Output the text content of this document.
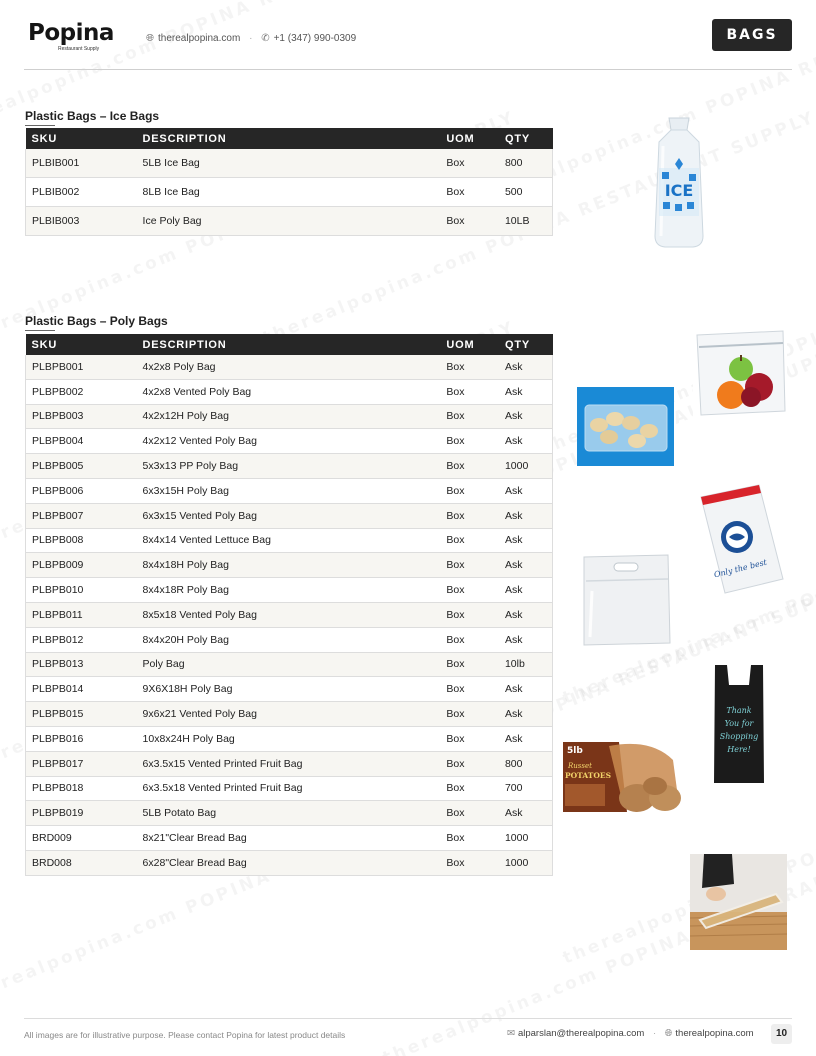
Popina
Restaurant Supply
🌐︎ therealpopina.com · ✆ +1 (347) 990-0309	BAGS
Plastic Bags – Ice Bags
SKU	DESCRIPTION	UOM	QTY
PLBIB001	5LB Ice Bag	Box	800
PLBIB002	8LB Ice Bag	Box	500
PLBIB003	Ice Poly Bag	Box	10LB
Plastic Bags – Poly Bags
SKU	DESCRIPTION	UOM	QTY
PLBPB001	4x2x8 Poly Bag	Box	Ask
PLBPB002	4x2x8 Vented Poly Bag	Box	Ask
PLBPB003	4x2x12H Poly Bag	Box	Ask
PLBPB004	4x2x12 Vented Poly Bag	Box	Ask
PLBPB005	5x3x13 PP Poly Bag	Box	1000
PLBPB006	6x3x15H Poly Bag	Box	Ask
PLBPB007	6x3x15 Vented Poly Bag	Box	Ask
PLBPB008	8x4x14 Vented Lettuce Bag	Box	Ask
PLBPB009	8x4x18H Poly Bag	Box	Ask
PLBPB010	8x4x18R Poly Bag	Box	Ask
PLBPB011	8x5x18 Vented Poly Bag	Box	Ask
PLBPB012	8x4x20H Poly Bag	Box	Ask
PLBPB013	Poly Bag	Box	10lb
PLBPB014	9X6X18H Poly Bag	Box	Ask
PLBPB015	9x6x21 Vented Poly Bag	Box	Ask
PLBPB016	10x8x24H Poly Bag	Box	Ask
PLBPB017	6x3.5x15 Vented Printed Fruit Bag	Box	800
PLBPB018	6x3.5x18 Vented Printed Fruit Bag	Box	700
PLBPB019	5LB Potato Bag	Box	Ask
BRD009	8x21"Clear Bread Bag	Box	1000
BRD008	6x28"Clear Bread Bag	Box	1000
ICE
Only the best
Thank
You for
Shopping
Here!
5lb
Russet
POTATOES
All images are for illustrative purpose. Please contact Popina for latest product details	✉ alparslan@therealpopina.com · 🌐︎ therealpopina.com	10
